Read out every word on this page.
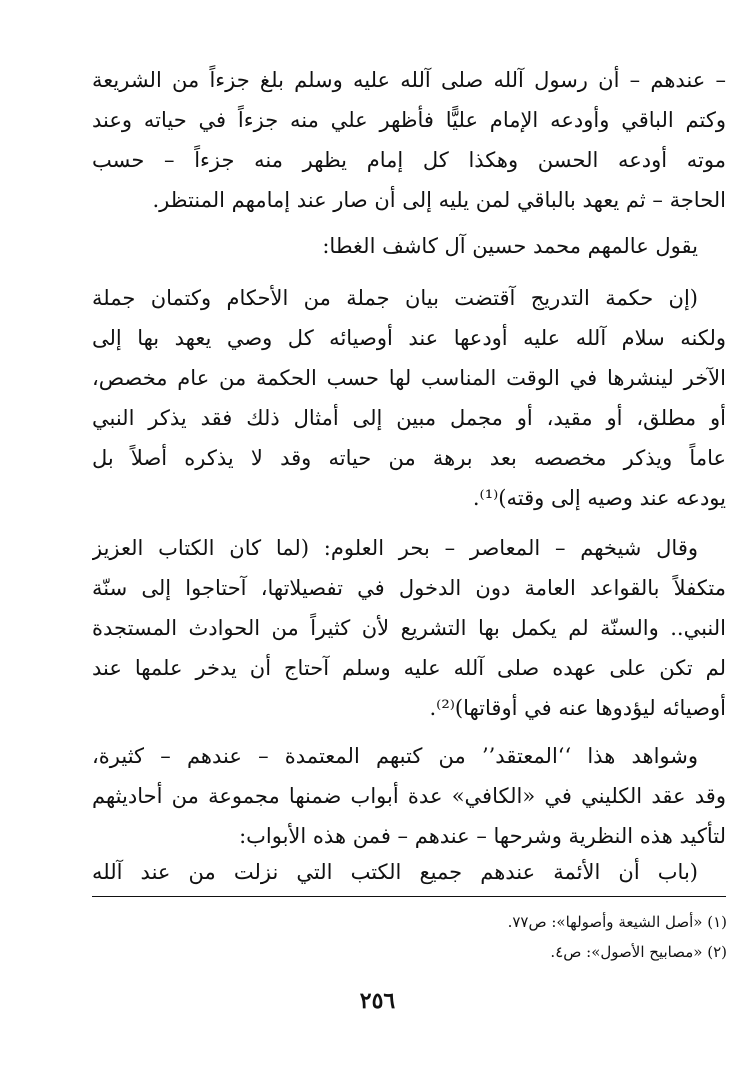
– عندهم – أن رسول آلله صلى آلله عليه وسلم بلغ جزءاً من الشريعة
وكتم الباقي وأودعه الإمام عليًّا فأظهر علي منه جزءاً في حياته وعند
موته أودعه الحسن وهكذا كل إمام يظهر منه جزءاً – حسب
الحاجة – ثم يعهد بالباقي لمن يليه إلى أن صار عند إمامهم المنتظر.
يقول عالمهم محمد حسين آل كاشف الغطا:
(إن حكمة التدريج آقتضت بيان جملة من الأحكام وكتمان جملة
ولكنه سلام آلله عليه أودعها عند أوصيائه كل وصي يعهد بها إلى
الآخر لينشرها في الوقت المناسب لها حسب الحكمة من عام مخصص،
أو مطلق، أو مقيد، أو مجمل مبين إلى أمثال ذلك فقد يذكر النبي
عاماً ويذكر مخصصه بعد برهة من حياته وقد لا يذكره أصلاً بل
يودعه عند وصيه إلى وقته)⁽¹⁾.
وقال شيخهم – المعاصر – بحر العلوم: (لما كان الكتاب العزيز
متكفلاً بالقواعد العامة دون الدخول في تفصيلاتها، آحتاجوا إلى سنّة
النبي.. والسنّة لم يكمل بها التشريع لأن كثيراً من الحوادث المستجدة
لم تكن على عهده صلى آلله عليه وسلم آحتاج أن يدخر علمها عند
أوصيائه ليؤدوها عنه في أوقاتها)⁽²⁾.
وشواهد هذا ‘‘المعتقد’’ من كتبهم المعتمدة – عندهم – كثيرة،
وقد عقد الكليني في «الكافي» عدة أبواب ضمنها مجموعة من أحاديثهم
لتأكيد هذه النظرية وشرحها – عندهم – فمن هذه الأبواب:
(باب أن الأئمة عندهم جميع الكتب التي نزلت من عند آلله
(١) «أصل الشيعة وأصولها»: ص٧٧.
(٢) «مصابيح الأصول»: ص٤.
٢٥٦
